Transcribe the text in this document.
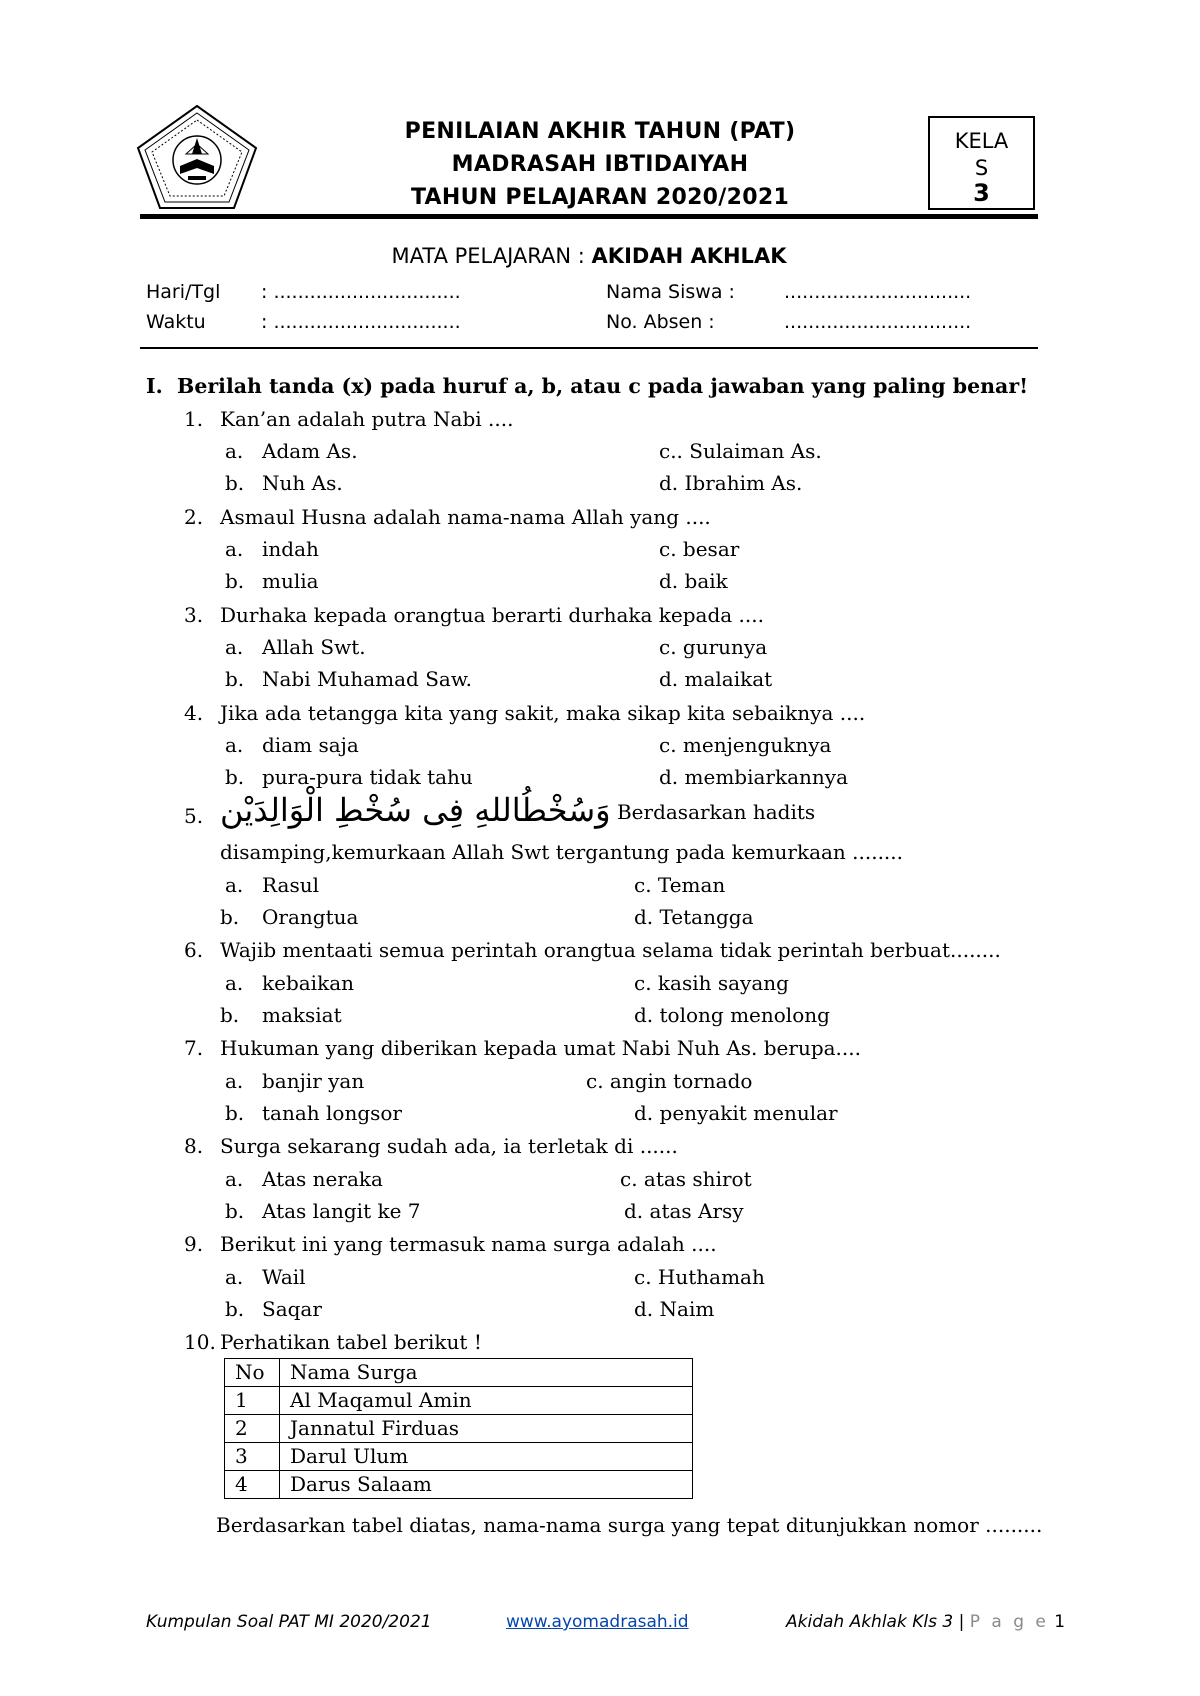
PENILAIAN AKHIR TAHUN (PAT)
MADRASAH IBTIDAIYAH
TAHUN PELAJARAN 2020/2021
KELA
S
3
MATA PELAJARAN : AKIDAH AKHLAK
Hari/Tgl : ...............................
Waktu	: ...............................
Nama Siswa :	...............................
No. Absen :	...............................
I. Berilah tanda (x) pada huruf a, b, atau c pada jawaban yang paling benar!
1. Kan’an adalah putra Nabi ....
a. Adam As.	c.. Sulaiman As.
b. Nuh As.	d. Ibrahim As.
2. Asmaul Husna adalah nama-nama Allah yang ....
a. indah	c. besar
b. mulia	d. baik
3. Durhaka kepada orangtua berarti durhaka kepada ....
a. Allah Swt.	c. gurunya
b. Nabi Muhamad Saw.	d. malaikat
4. Jika ada tetangga kita yang sakit, maka sikap kita sebaiknya ....
a. diam saja	c. menjenguknya
b. pura-pura tidak tahu	d. membiarkannya
5. وَسُخْطُاللهِ فِى سُخْطِ الْوَالِدَيْن Berdasarkan hadits
disamping,kemurkaan Allah Swt tergantung pada kemurkaan ........
a. Rasul	c. Teman
b. Orangtua	d. Tetangga
6. Wajib mentaati semua perintah orangtua selama tidak perintah berbuat........
a. kebaikan	c. kasih sayang
b. maksiat	d. tolong menolong
7. Hukuman yang diberikan kepada umat Nabi Nuh As. berupa....
a. banjir yan	c. angin tornado
b. tanah longsor	d. penyakit menular
8. Surga sekarang sudah ada, ia terletak di ......
a. Atas neraka	c. atas shirot
b. Atas langit ke 7	d. atas Arsy
9. Berikut ini yang termasuk nama surga adalah ....
a. Wail	c. Huthamah
b. Saqar	d. Naim
10. Perhatikan tabel berikut !
No	Nama Surga
1	Al Maqamul Amin
2	Jannatul Firduas
3	Darul Ulum
4	Darus Salaam
Berdasarkan tabel diatas, nama-nama surga yang tepat ditunjukkan nomor .........
Kumpulan Soal PAT MI 2020/2021	www.ayomadrasah.id	Akidah Akhlak Kls 3 | P a g e 1
